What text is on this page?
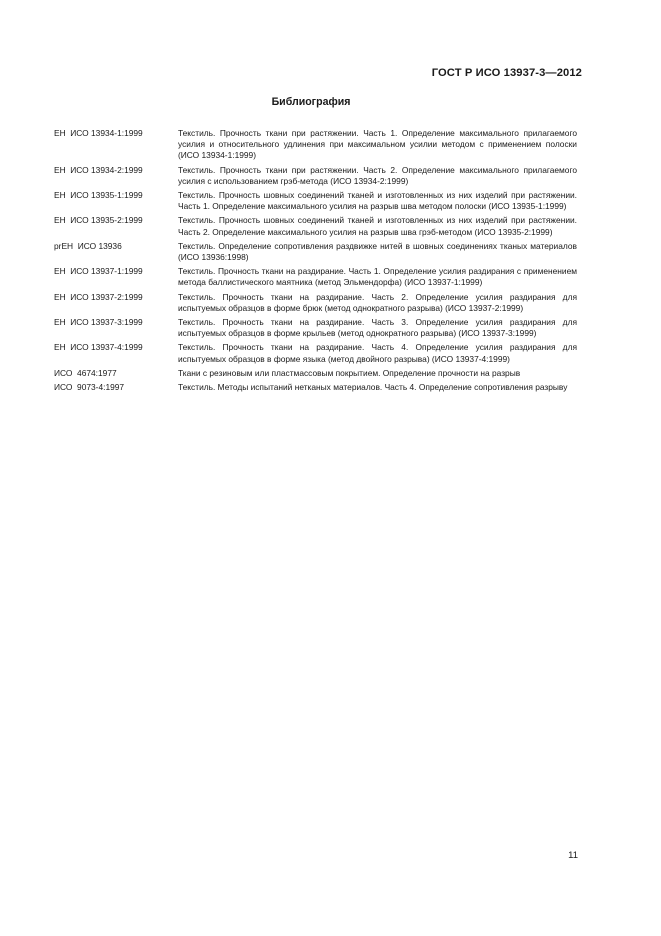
ГОСТ Р ИСО 13937-3—2012
Библиография
ЕН  ИСО 13934-1:1999	Текстиль. Прочность ткани при растяжении. Часть 1. Определение максимального прилагаемого усилия и относительного удлинения при максимальном усилии методом с применением полоски (ИСО 13934-1:1999)
ЕН  ИСО 13934-2:1999	Текстиль. Прочность ткани при растяжении. Часть 2. Определение максимального прилагаемого усилия с использованием грэб-метода (ИСО 13934-2:1999)
ЕН  ИСО 13935-1:1999	Текстиль. Прочность шовных соединений тканей и изготовленных из них изделий при растяжении. Часть 1. Определение максимального усилия на разрыв шва методом полоски (ИСО 13935-1:1999)
ЕН  ИСО 13935-2:1999	Текстиль. Прочность шовных соединений тканей и изготовленных из них изделий при растяжении. Часть 2. Определение максимального усилия на разрыв шва грэб-методом (ИСО 13935-2:1999)
prЕН  ИСО 13936	Текстиль. Определение сопротивления раздвижке нитей в шовных соединениях тканых материалов (ИСО 13936:1998)
ЕН  ИСО 13937-1:1999	Текстиль. Прочность ткани на раздирание. Часть 1. Определение усилия раздирания с применением метода баллистического маятника (метод Эльмендорфа) (ИСО 13937-1:1999)
ЕН  ИСО 13937-2:1999	Текстиль. Прочность ткани на раздирание. Часть 2. Определение усилия раздирания для испытуемых образцов в форме брюк (метод однократного разрыва) (ИСО 13937-2:1999)
ЕН  ИСО 13937-3:1999	Текстиль. Прочность ткани на раздирание. Часть 3. Определение усилия раздирания для испытуемых образцов в форме крыльев (метод однократного разрыва) (ИСО 13937-3:1999)
ЕН  ИСО 13937-4:1999	Текстиль. Прочность ткани на раздирание. Часть 4. Определение усилия раздирания для испытуемых образцов в форме языка (метод двойного разрыва) (ИСО 13937-4:1999)
ИСО  4674:1977	Ткани с резиновым или пластмассовым покрытием. Определение прочности на разрыв
ИСО  9073-4:1997	Текстиль. Методы испытаний нетканых материалов. Часть 4. Определение сопротивления разрыву
11
